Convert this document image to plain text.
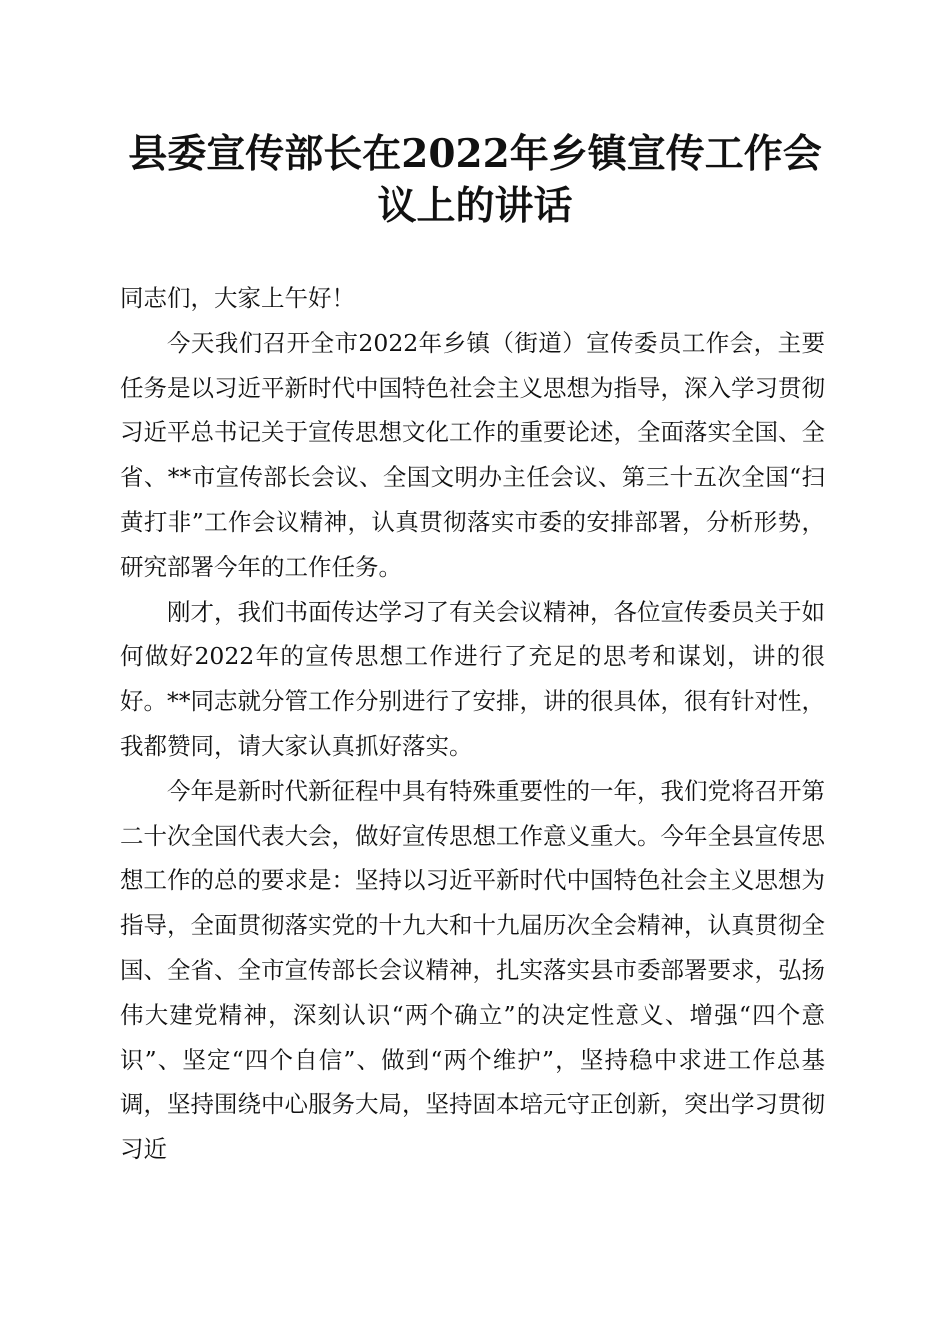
县委宣传部长在2022年乡镇宣传工作会议上的讲话

同志们，大家上午好！

今天我们召开全市2022年乡镇（街道）宣传委员工作会，主要任务是以习近平新时代中国特色社会主义思想为指导，深入学习贯彻习近平总书记关于宣传思想文化工作的重要论述，全面落实全国、全省、**市宣传部长会议、全国文明办主任会议、第三十五次全国“扫黄打非”工作会议精神，认真贯彻落实市委的安排部署，分析形势，研究部署今年的工作任务。

刚才，我们书面传达学习了有关会议精神，各位宣传委员关于如何做好2022年的宣传思想工作进行了充足的思考和谋划，讲的很好。**同志就分管工作分别进行了安排，讲的很具体，很有针对性，我都赞同，请大家认真抓好落实。

今年是新时代新征程中具有特殊重要性的一年，我们党将召开第二十次全国代表大会，做好宣传思想工作意义重大。今年全县宣传思想工作的总的要求是：坚持以习近平新时代中国特色社会主义思想为指导，全面贯彻落实党的十九大和十九届历次全会精神，认真贯彻全国、全省、全市宣传部长会议精神，扎实落实县市委部署要求，弘扬伟大建党精神，深刻认识“两个确立”的决定性意义、增强“四个意识”、坚定“四个自信”、做到“两个维护”，坚持稳中求进工作总基调，坚持围绕中心服务大局，坚持固本培元守正创新，突出学习贯彻习近
